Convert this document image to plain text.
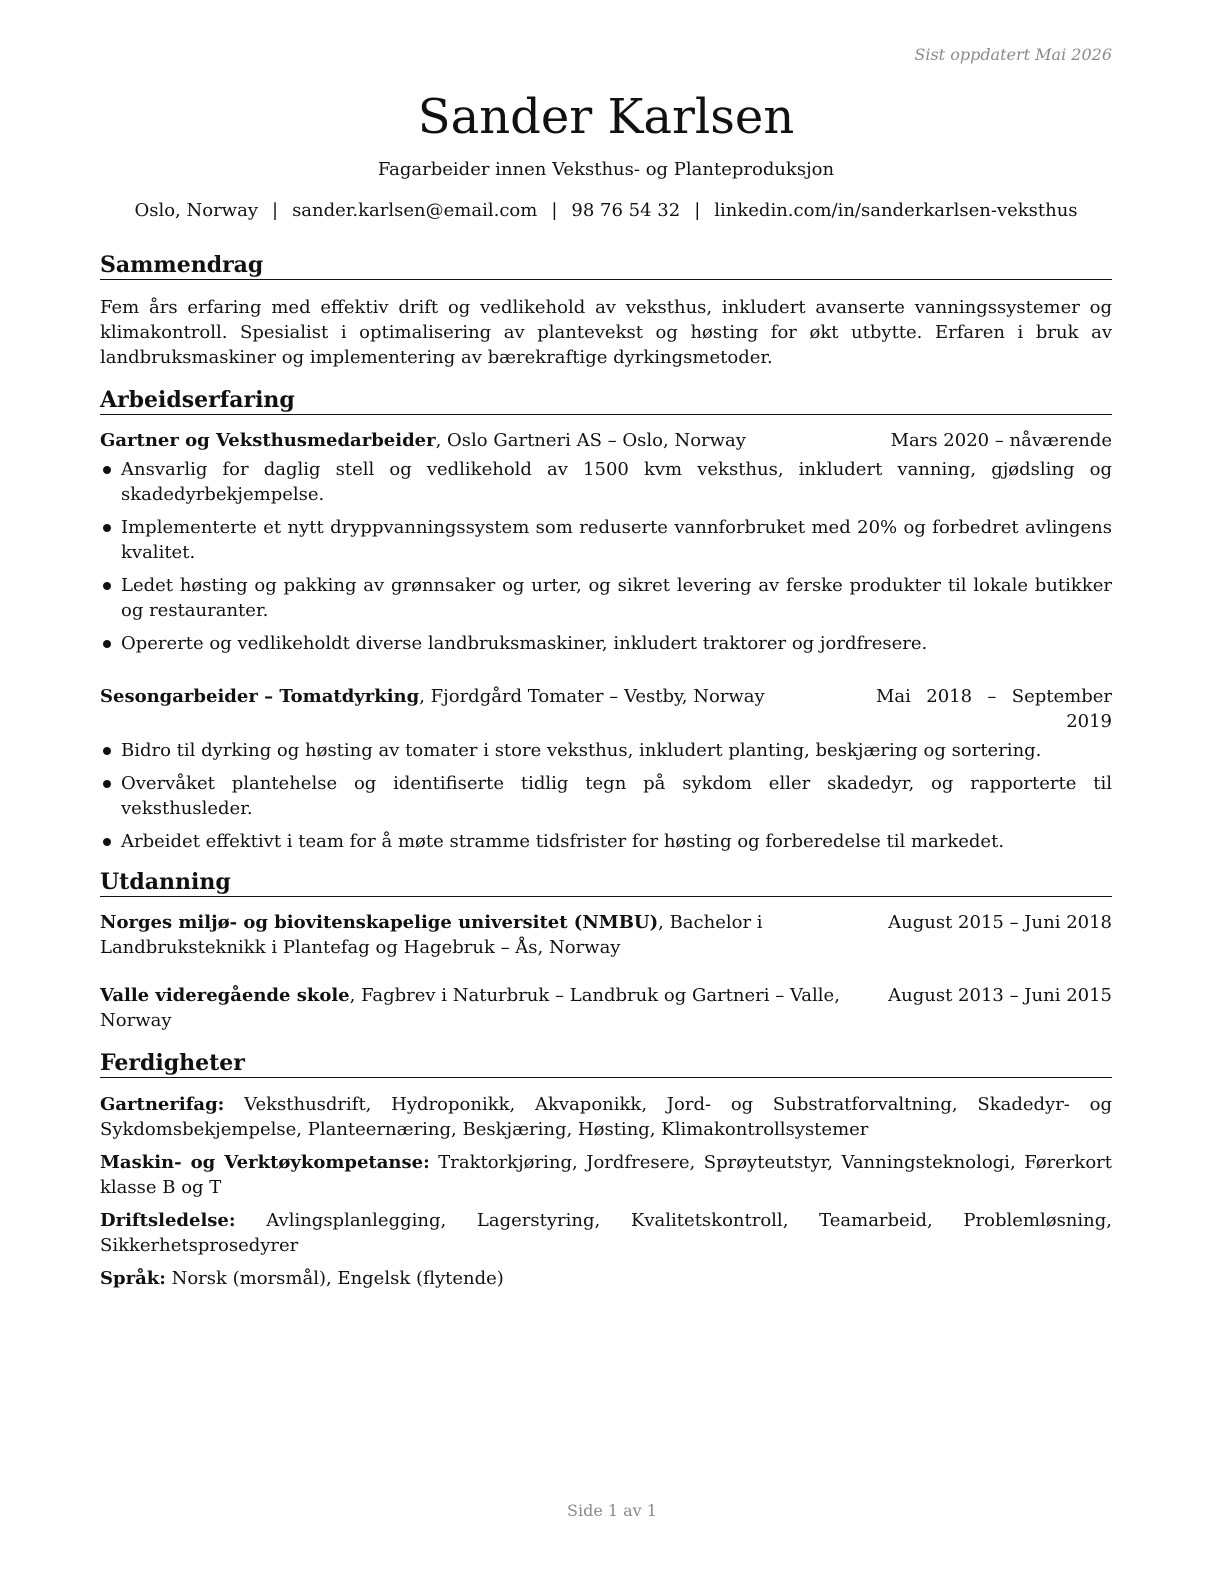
Sist oppdatert Mai 2026
Sander Karlsen
Fagarbeider innen Veksthus- og Planteproduksjon
Oslo, Norway | sander.karlsen@email.com | 98 76 54 32 | linkedin.com/in/sanderkarlsen-veksthus
Sammendrag
Fem års erfaring med effektiv drift og vedlikehold av veksthus, inkludert avanserte vanningssystemer og klimakontroll. Spesialist i optimalisering av plantevekst og høsting for økt utbytte. Erfaren i bruk av landbruksmaskiner og implementering av bærekraftige dyrkingsmetoder.
Arbeidserfaring
Gartner og Veksthusmedarbeider, Oslo Gartneri AS – Oslo, Norway	Mars 2020 – nåværende
Ansvarlig for daglig stell og vedlikehold av 1500 kvm veksthus, inkludert vanning, gjødsling og skadedyrbekjempelse.
Implementerte et nytt dryppvanningssystem som reduserte vannforbruket med 20% og forbedret avlingens kvalitet.
Ledet høsting og pakking av grønnsaker og urter, og sikret levering av ferske produkter til lokale butikker og restauranter.
Opererte og vedlikeholdt diverse landbruksmaskiner, inkludert traktorer og jordfresere.
Sesongarbeider – Tomatdyrking, Fjordgård Tomater – Vestby, Norway	Mai 2018 – September
2019
Bidro til dyrking og høsting av tomater i store veksthus, inkludert planting, beskjæring og sortering.
Overvåket plantehelse og identifiserte tidlig tegn på sykdom eller skadedyr, og rapporterte til veksthusleder.
Arbeidet effektivt i team for å møte stramme tidsfrister for høsting og forberedelse til markedet.
Utdanning
Norges miljø- og biovitenskapelige universitet (NMBU), Bachelor i Landbruksteknikk i Plantefag og Hagebruk – Ås, Norway
August 2015 – Juni 2018
Valle videregående skole, Fagbrev i Naturbruk – Landbruk og Gartneri – Valle, Norway
August 2013 – Juni 2015
Ferdigheter

Gartnerifag: Veksthusdrift, Hydroponikk, Akvaponikk, Jord- og Substratforvaltning, Skadedyr- og Sykdomsbekjempelse, Planteernæring, Beskjæring, Høsting, Klimakontrollsystemer

Maskin- og Verktøykompetanse: Traktorkjøring, Jordfresere, Sprøyteutstyr, Vanningsteknologi, Førerkort klasse B og T

Driftsledelse: Avlingsplanlegging, Lagerstyring, Kvalitetskontroll, Teamarbeid, Problemløsning, Sikkerhetsprosedyrer

Språk: Norsk (morsmål), Engelsk (flytende)

Side 1 av 1
